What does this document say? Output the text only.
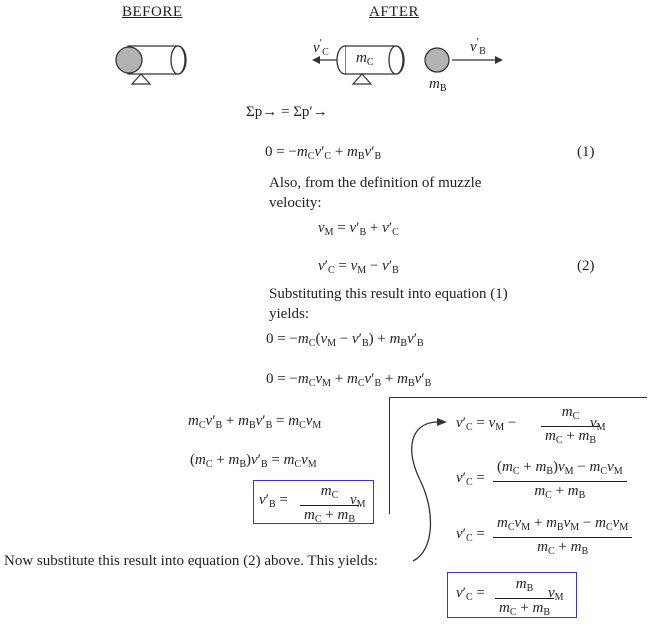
BEFORE	AFTER
$v'_C$ $m_C$
$v'_B$
$m_B$
Σp→ = Σp′→
$0 = -m_Cv'_C + m_Bv'_B$	(1)
Also, from the definition of muzzle velocity:
$v_M = v'_B + v'_C$
$v'_C = v_M - v'_B$	(2)
Substituting this result into equation (1) yields:
$0 = -m_C(v_M - v'_B) + m_Bv'_B$
$0 = -m_Cv_M + m_Cv'_B + m_Bv'_B$
$m_Cv'_B + m_Bv'_B = m_Cv_M$
$(m_C + m_B)v'_B = m_Cv_M$
$v'_B = \frac{m_C}{m_C + m_B}$
$v_M$
$v'_C = v_M - \frac{m_C}{m_C + m_B}$
$v_M$
$v'_C$ =
$(m_C + m_B)v_M - m_Cv_M$
$m_C + m_B$
$v'_C$ =
$m_Cv_M + m_Bv_M - m_Cv_M$
$m_C + m_B$
$v'_C = \frac{m_B}{m_C + m_B}$
$v_M$
Now substitute this result into equation (2) above. This yields:
